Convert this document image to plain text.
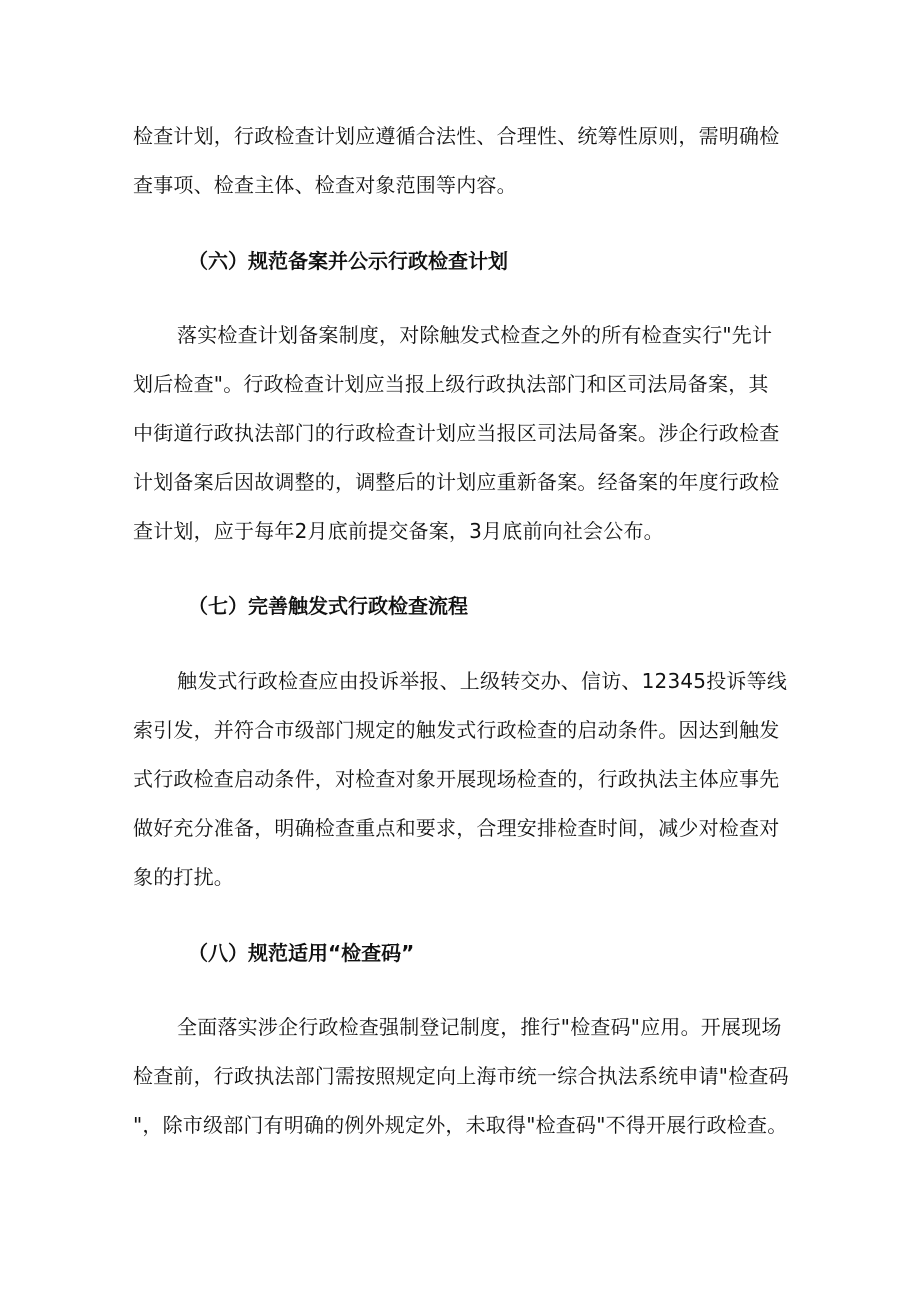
检查计划，行政检查计划应遵循合法性、合理性、统筹性原则，需明确检
查事项、检查主体、检查对象范围等内容。
（六）规范备案并公示行政检查计划
落实检查计划备案制度，对除触发式检查之外的所有检查实行"先计
划后检查"。行政检查计划应当报上级行政执法部门和区司法局备案，其
中街道行政执法部门的行政检查计划应当报区司法局备案。涉企行政检查
计划备案后因故调整的，调整后的计划应重新备案。经备案的年度行政检
查计划，应于每年2月底前提交备案，3月底前向社会公布。
（七）完善触发式行政检查流程
触发式行政检查应由投诉举报、上级转交办、信访、12345投诉等线
索引发，并符合市级部门规定的触发式行政检查的启动条件。因达到触发
式行政检查启动条件，对检查对象开展现场检查的，行政执法主体应事先
做好充分准备，明确检查重点和要求，合理安排检查时间，减少对检查对
象的打扰。
（八）规范适用“检查码”
全面落实涉企行政检查强制登记制度，推行"检查码"应用。开展现场
检查前，行政执法部门需按照规定向上海市统一综合执法系统申请"检查码
"，除市级部门有明确的例外规定外，未取得"检查码"不得开展行政检查。
